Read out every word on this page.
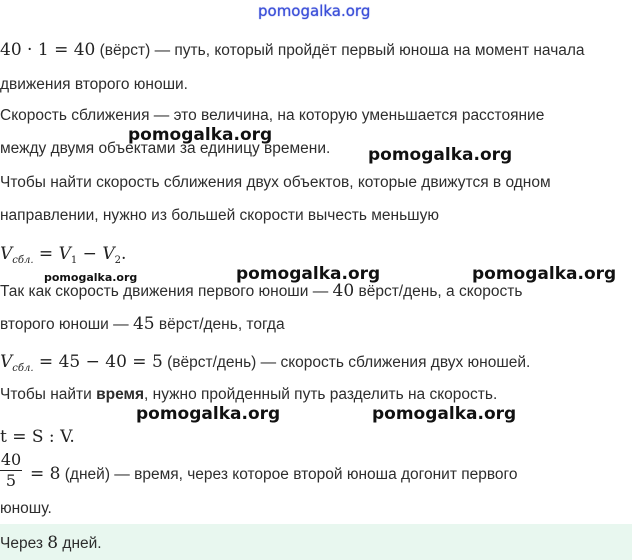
pomogalka.org
40 · 1 = 40 (вёрст) — путь, который пройдёт первый юноша на момент начала
движения второго юноши.
Скорость сближения — это величина, на которую уменьшается расстояние
между двумя объектами за единицу времени.
Чтобы найти скорость сближения двух объектов, которые движутся в одном
направлении, нужно из большей скорости вычесть меньшую
$V_{сбл.} = V_1 - V_2$.
Так как скорость движения первого юноши — 40 вёрст/день, а скорость
второго юноши — 45 вёрст/день, тогда
$V_{сбл.} = 45 - 40 = 5$ (вёрст/день) — скорость сближения двух юношей.
Чтобы найти время, нужно пройденный путь разделить на скорость.
t = S : V.
40
5 = 8 (дней) — время, через которое второй юноша догонит первого
юношу.
Через 8 дней.
pomogalka.org
pomogalka.org
pomogalka.org	pomogalka.org	pomogalka.org
pomogalka.org	pomogalka.org
